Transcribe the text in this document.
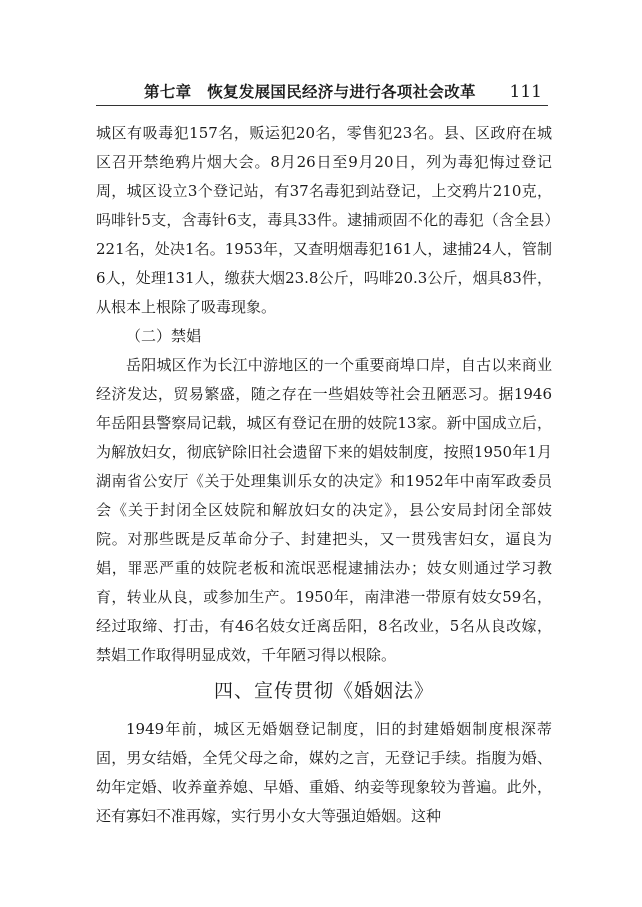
第七章　恢复发展国民经济与进行各项社会改革 111

城区有吸毒犯157名，贩运犯20名，零售犯23名。县、区政府在城区召开禁绝鸦片烟大会。8月26日至9月20日，列为毒犯悔过登记周，城区设立3个登记站，有37名毒犯到站登记，上交鸦片210克，吗啡针5支，含毒针6支，毒具33件。逮捕顽固不化的毒犯（含全县）221名，处决1名。1953年，又查明烟毒犯161人，逮捕24人，管制6人，处理131人，缴获大烟23.8公斤，吗啡20.3公斤，烟具83件，从根本上根除了吸毒现象。

（二）禁娼

岳阳城区作为长江中游地区的一个重要商埠口岸，自古以来商业经济发达，贸易繁盛，随之存在一些娼妓等社会丑陋恶习。据1946年岳阳县警察局记载，城区有登记在册的妓院13家。新中国成立后，为解放妇女，彻底铲除旧社会遗留下来的娼妓制度，按照1950年1月湖南省公安厅《关于处理集训乐女的决定》和1952年中南军政委员会《关于封闭全区妓院和解放妇女的决定》，县公安局封闭全部妓院。对那些既是反革命分子、封建把头，又一贯残害妇女，逼良为娼，罪恶严重的妓院老板和流氓恶棍逮捕法办；妓女则通过学习教育，转业从良，或参加生产。1950年，南津港一带原有妓女59名，经过取缔、打击，有46名妓女迁离岳阳，8名改业，5名从良改嫁，禁娼工作取得明显成效，千年陋习得以根除。

四、宣传贯彻《婚姻法》

1949年前，城区无婚姻登记制度，旧的封建婚姻制度根深蒂固，男女结婚，全凭父母之命，媒妁之言，无登记手续。指腹为婚、幼年定婚、收养童养媳、早婚、重婚、纳妾等现象较为普遍。此外，还有寡妇不准再嫁，实行男小女大等强迫婚姻。这种
